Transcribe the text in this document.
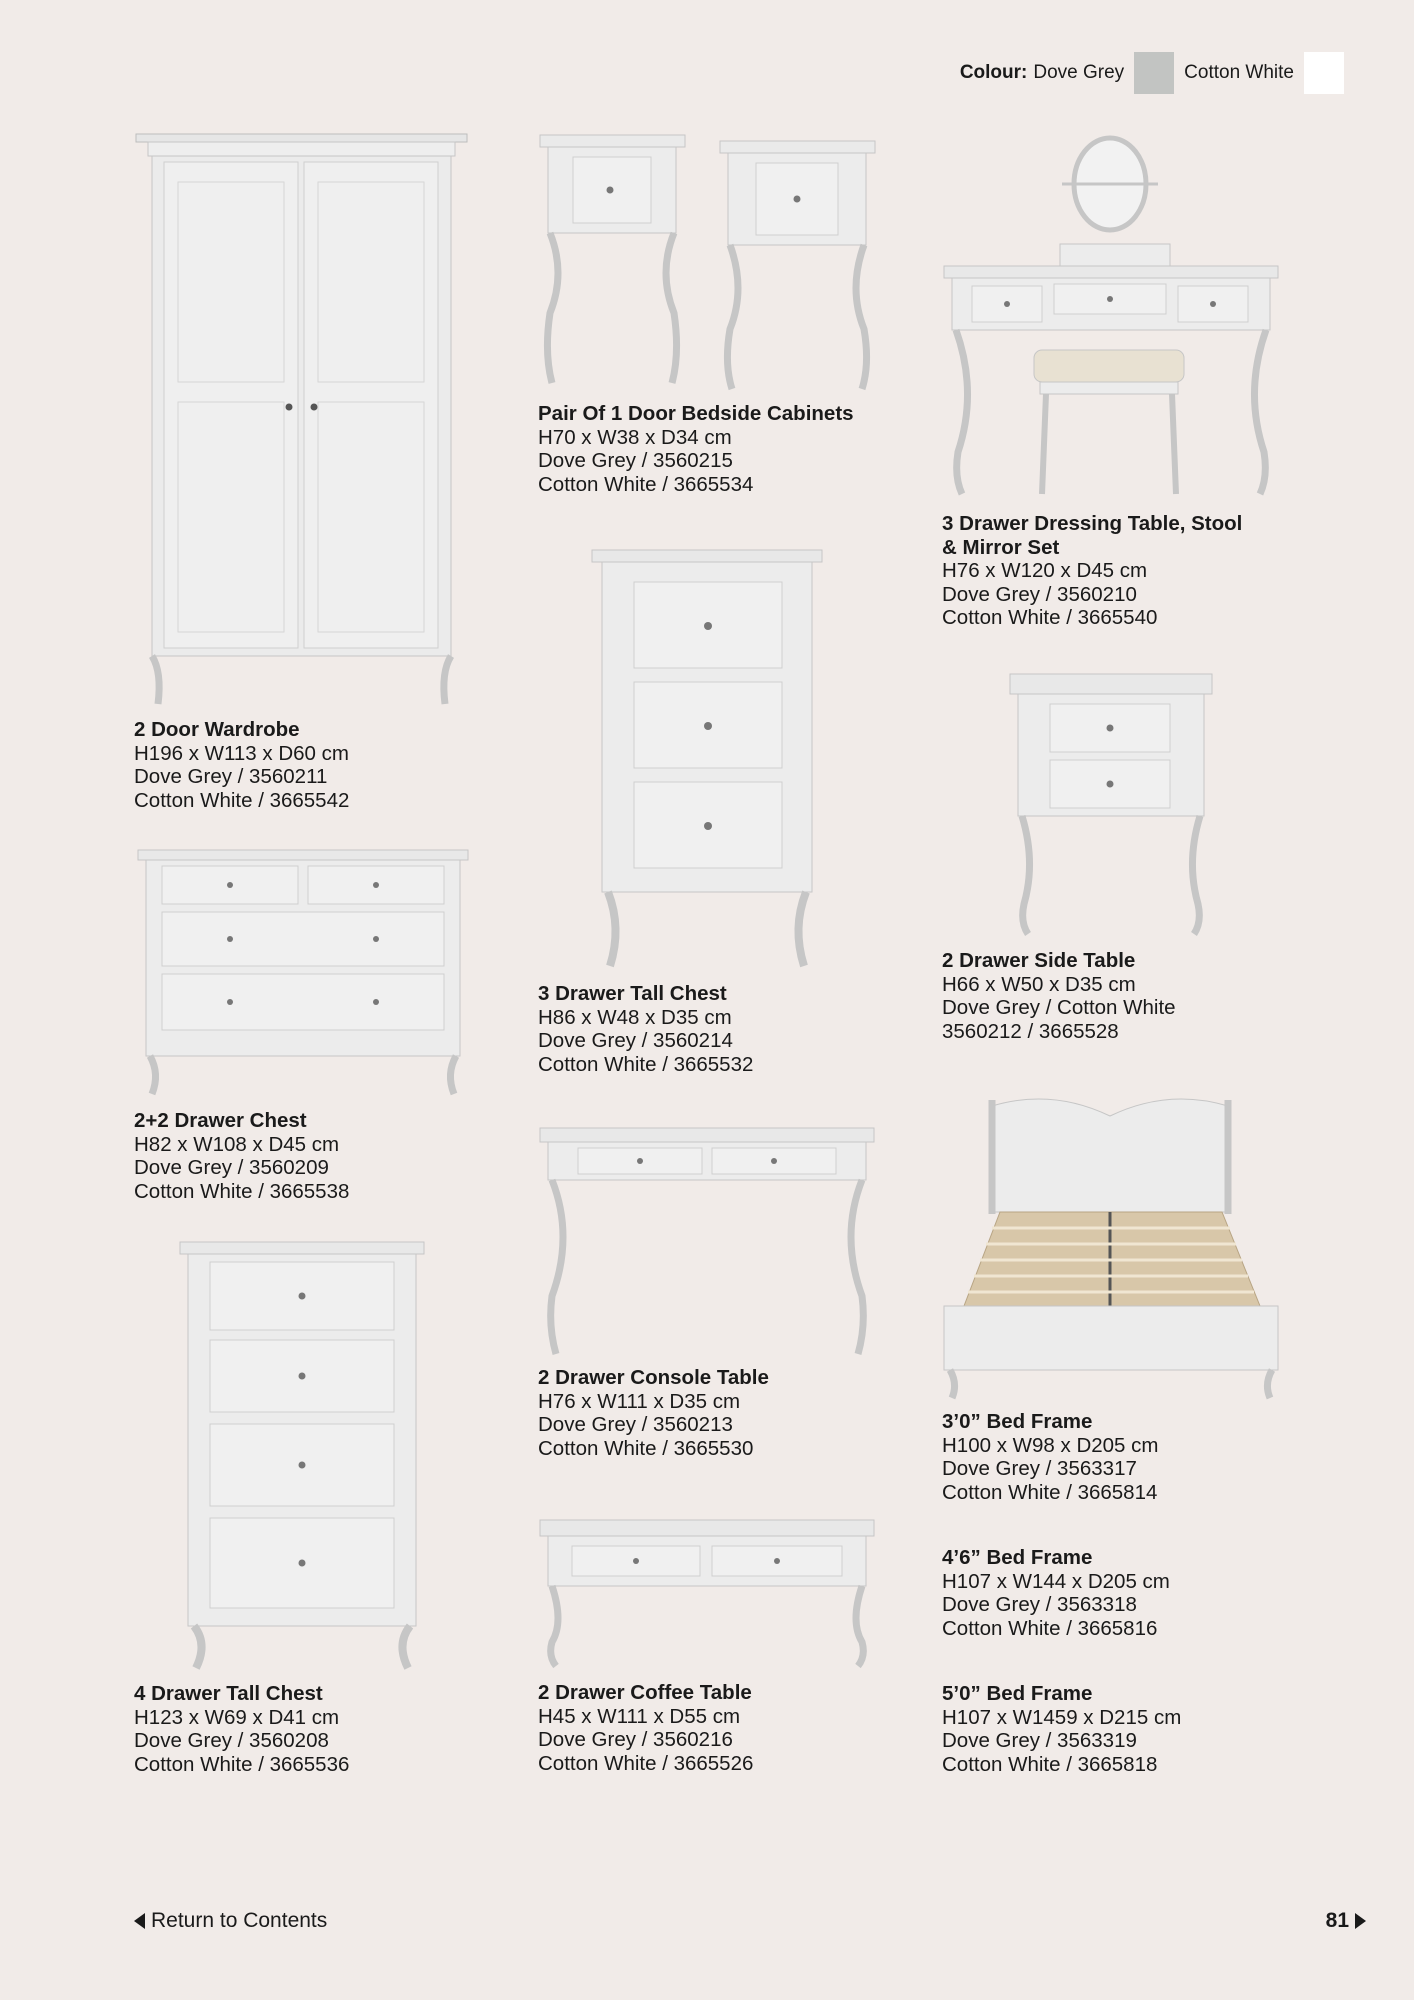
Colour: Dove Grey	Cotton White
2 Door Wardrobe
H196 x W113 x D60 cm
Dove Grey / 3560211
Cotton White / 3665542
Pair Of 1 Door Bedside Cabinets
H70 x W38 x D34 cm
Dove Grey / 3560215
Cotton White / 3665534
3 Drawer Dressing Table, Stool
& Mirror Set
H76 x W120 x D45 cm
Dove Grey / 3560210
Cotton White / 3665540
3 Drawer Tall Chest
H86 x W48 x D35 cm
Dove Grey / 3560214
Cotton White / 3665532
2 Drawer Side Table
H66 x W50 x D35 cm
Dove Grey / Cotton White
3560212 / 3665528
2+2 Drawer Chest
H82 x W108 x D45 cm
Dove Grey / 3560209
Cotton White / 3665538
2 Drawer Console Table
H76 x W111 x D35 cm
Dove Grey / 3560213
Cotton White / 3665530
3’0” Bed Frame
H100 x W98 x D205 cm
Dove Grey / 3563317
Cotton White / 3665814
4’6” Bed Frame
H107 x W144 x D205 cm
Dove Grey / 3563318
Cotton White / 3665816
4 Drawer Tall Chest
H123 x W69 x D41 cm
Dove Grey / 3560208
Cotton White / 3665536
2 Drawer Coffee Table
H45 x W111 x D55 cm
Dove Grey / 3560216
Cotton White / 3665526
5’0” Bed Frame
H107 x W1459 x D215 cm
Dove Grey / 3563319
Cotton White / 3665818
Return to Contents	81
